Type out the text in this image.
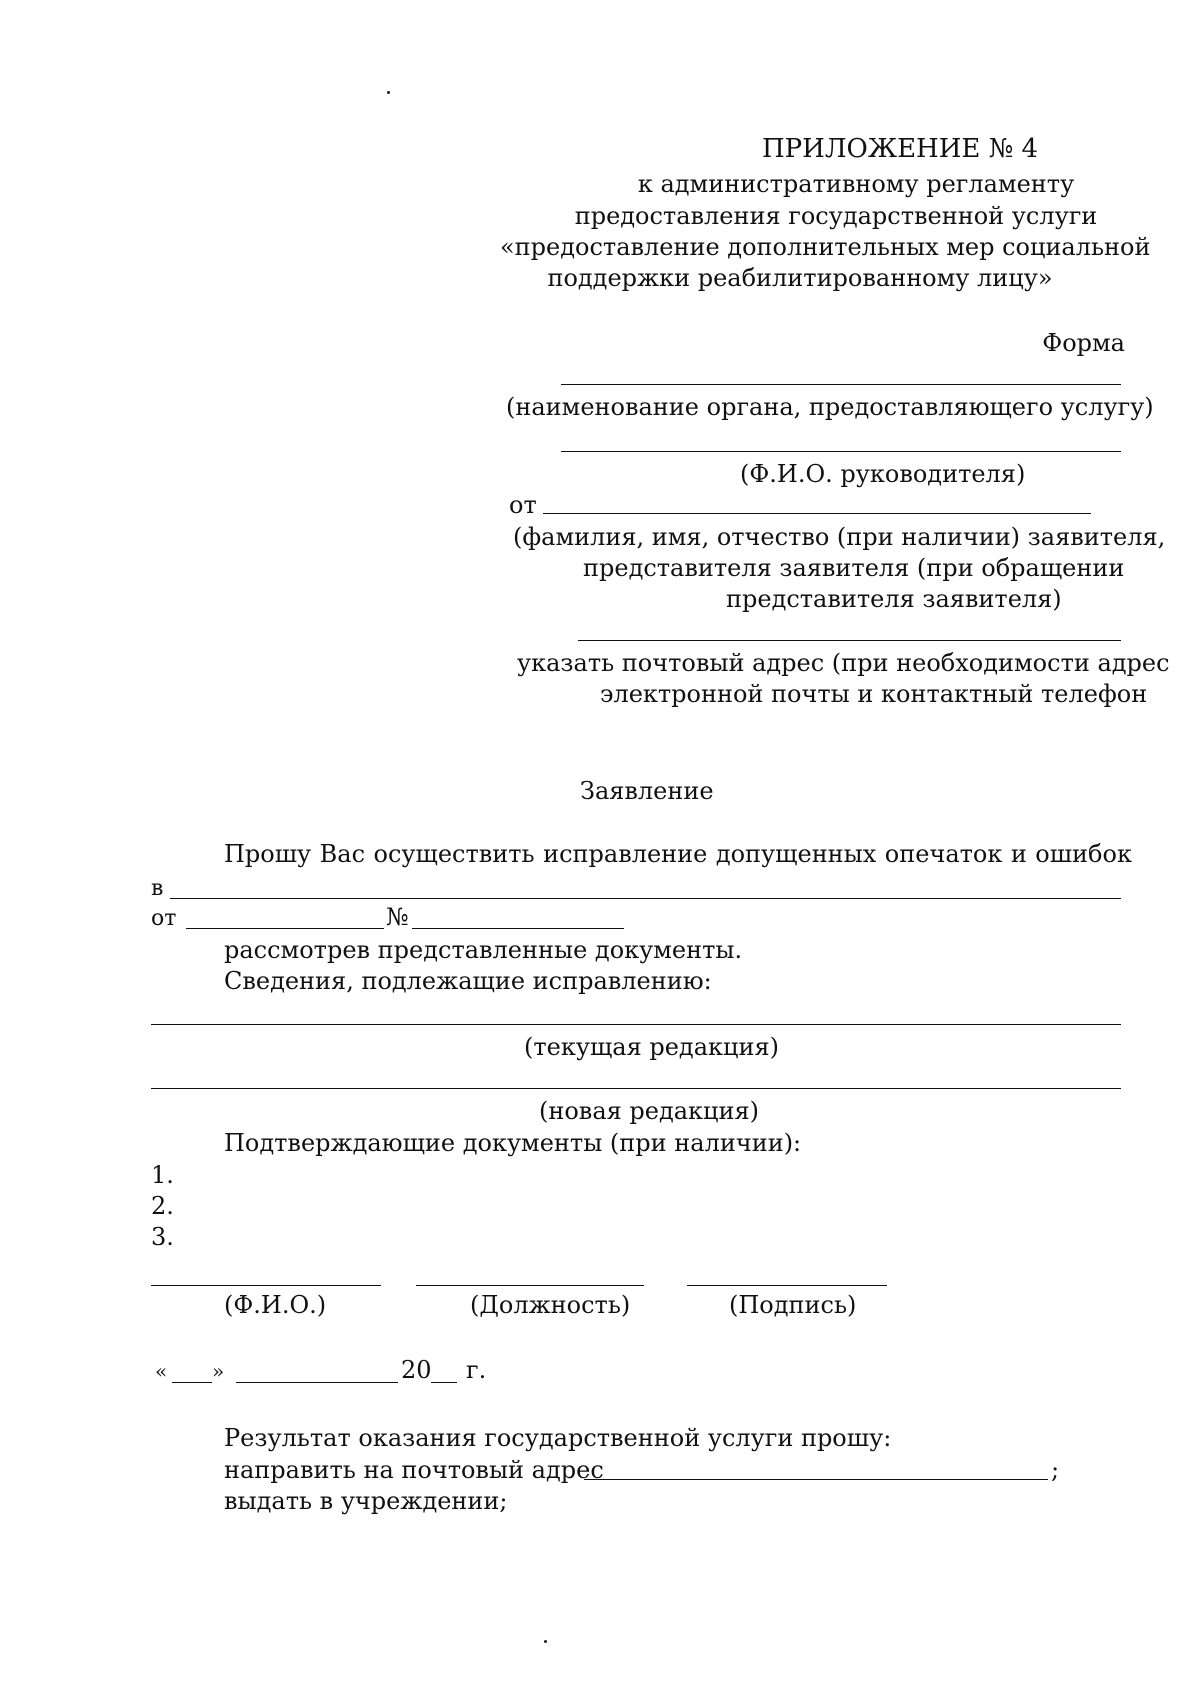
ПРИЛОЖЕНИЕ № 4
к административному регламенту
предоставления государственной услуги
«предоставление дополнительных мер социальной
поддержки реабилитированному лицу»
Форма
(наименование органа, предоставляющего услугу)
(Ф.И.О. руководителя)
от
(фамилия, имя, отчество (при наличии) заявителя,
представителя заявителя (при обращении
представителя заявителя)
указать почтовый адрес (при необходимости адрес
электронной почты и контактный телефон
Заявление
Прошу Вас осуществить исправление допущенных опечаток и ошибок
в
от	№
рассмотрев представленные документы.
Сведения, подлежащие исправлению:
(текущая редакция)
(новая редакция)
Подтверждающие документы (при наличии):
1.
2.
3.
(Ф.И.О.)	(Должность)	(Подпись)
« »	20 г.
Результат оказания государственной услуги прошу:
направить на почтовый адрес	;
выдать в учреждении;
